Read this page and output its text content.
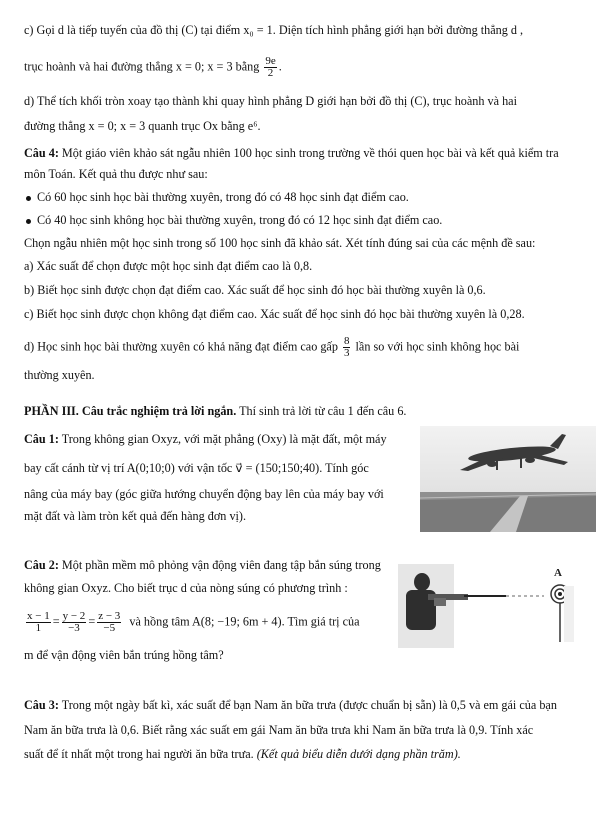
c) Gọi d là tiếp tuyến của đồ thị (C) tại điểm x₀ = 1. Diện tích hình phẳng giới hạn bởi đường thẳng d ,
trục hoành và hai đường thẳng x = 0; x = 3 bằng $\frac{9e}{2}$ .
d) Thể tích khối tròn xoay tạo thành khi quay hình phẳng D giới hạn bởi đồ thị (C), trục hoành và hai
đường thẳng x = 0; x = 3 quanh trục Ox bằng e⁶.
Câu 4: Một giáo viên khảo sát ngẫu nhiên 100 học sinh trong trường về thói quen học bài và kết quả kiểm tra
môn Toán. Kết quả thu được như sau:
Có 60 học sinh học bài thường xuyên, trong đó có 48 học sinh đạt điểm cao.
Có 40 học sinh không học bài thường xuyên, trong đó có 12 học sinh đạt điểm cao.
Chọn ngẫu nhiên một học sinh trong số 100 học sinh đã khảo sát. Xét tính đúng sai của các mệnh đề sau:
a) Xác suất để chọn được một học sinh đạt điểm cao là 0,8.
b) Biết học sinh được chọn đạt điểm cao. Xác suất để học sinh đó học bài thường xuyên là 0,6.
c) Biết học sinh được chọn không đạt điểm cao. Xác suất để học sinh đó học bài thường xuyên là 0,28.
d) Học sinh học bài thường xuyên có khả năng đạt điểm cao gấp $\frac{8}{3}$ lần so với học sinh không học bài
thường xuyên.
PHẦN III. Câu trắc nghiệm trả lời ngắn. Thí sinh trả lời từ câu 1 đến câu 6.
Câu 1: Trong không gian Oxyz, với mặt phẳng (Oxy) là mặt đất, một máy
bay cất cánh từ vị trí A(0;10;0) với vận tốc v⃗ = (150;150;40). Tính góc
nâng của máy bay (góc giữa hướng chuyển động bay lên của máy bay với
mặt đất và làm tròn kết quả đến hàng đơn vị).
Câu 2: Một phần mềm mô phỏng vận động viên đang tập bắn súng trong
không gian Oxyz. Cho biết trục d của nòng súng có phương trình :
$\frac{x - 1}{1} = \frac{y - 2}{-3} = \frac{z - 3}{-5}$ và hồng tâm A(8; −19; 6m + 4). Tìm giá trị của
m để vận động viên bắn trúng hồng tâm?
A
Câu 3: Trong một ngày bất kì, xác suất để bạn Nam ăn bữa trưa (được chuẩn bị sẵn) là 0,5 và em gái của bạn
Nam ăn bữa trưa là 0,6. Biết rằng xác suất em gái Nam ăn bữa trưa khi Nam ăn bữa trưa là 0,9. Tính xác
suất để ít nhất một trong hai người ăn bữa trưa. (Kết quả biểu diễn dưới dạng phần trăm).
